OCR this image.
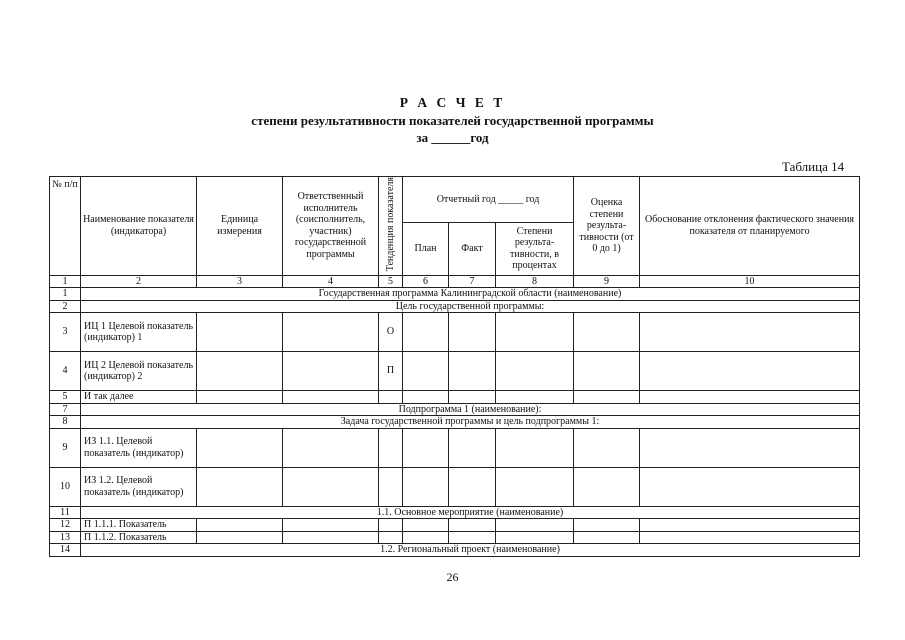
Р А С Ч Е Т
степени результативности показателей государственной программы
за ______год
Таблица 14
№ п/п	Наименование показателя (индикатора)	Единица измерения	Ответственный исполнитель (соисполнитель, участник) государственной программы	Тенденция показателя	Отчетный год _____ год			Оценка степени результа-тивности (от 0 до 1)	Обоснование отклонения фактического значения показателя от планируемого
					План	Факт	Степени результа-тивности, в процентах		
1	2	3	4	5	6	7	8	9	10
1	Государственная программа Калининградской области (наименование)								
2	Цель государственной программы:								
3	ИЦ 1 Целевой показатель (индикатор) 1			О					
4	ИЦ 2 Целевой показатель (индикатор) 2			П					
5	И так далее								
7	Подпрограмма 1 (наименование):								
8	Задача государственной программы и цель подпрограммы 1:								
9	ИЗ 1.1. Целевой показатель (индикатор)								
10	ИЗ 1.2. Целевой показатель (индикатор)								
11	1.1. Основное мероприятие (наименование)								
12	П 1.1.1. Показатель								
13	П 1.1.2. Показатель								
14	1.2. Региональный проект (наименование)								
26
